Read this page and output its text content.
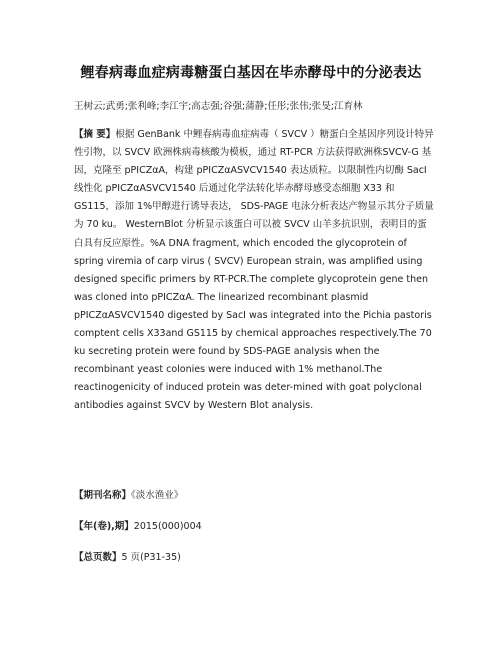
鲤春病毒血症病毒糖蛋白基因在毕赤酵母中的分泌表达
王树云;武勇;张利峰;李江宇;高志强;谷强;蒲静;任彤;张伟;张旻;江育林
【摘 要】根据 GenBank 中鲤春病毒血症病毒（ SVCV ）糖蛋白全基因序列设计特异性引物，以 SVCV 欧洲株病毒核酸为模板，通过 RT-PCR 方法获得欧洲株SVCV-G 基因，克隆至 pPICZαA，构建 pPICZαASVCV1540 表达质粒。以限制性内切酶 SacI 线性化 pPICZαASVCV1540 后通过化学法转化毕赤酵母感受态细胞 X33 和 GS115，添加 1%甲醇进行诱导表达， SDS-PAGE 电泳分析表达产物显示其分子质量为 70 ku。 WesternBlot 分析显示该蛋白可以被 SVCV 山羊多抗识别，表明目的蛋白具有反应原性。%A DNA fragment, which encoded the glycoprotein of spring viremia of carp virus ( SVCV) European strain, was amplified using designed specific primers by RT-PCR.The complete glycoprotein gene then was cloned into pPICZαA. The linearized recombinant plasmid pPICZαASVCV1540 digested by SacI was integrated into the Pichia pastoris comptent cells X33and GS115 by chemical approaches respectively.The 70 ku secreting protein were found by SDS-PAGE analysis when the recombinant yeast colonies were induced with 1% methanol.The reactinogenicity of induced protein was deter-mined with goat polyclonal antibodies against SVCV by Western Blot analysis.
【期刊名称】《淡水渔业》
【年(卷),期】2015(000)004
【总页数】5 页(P31-35)
